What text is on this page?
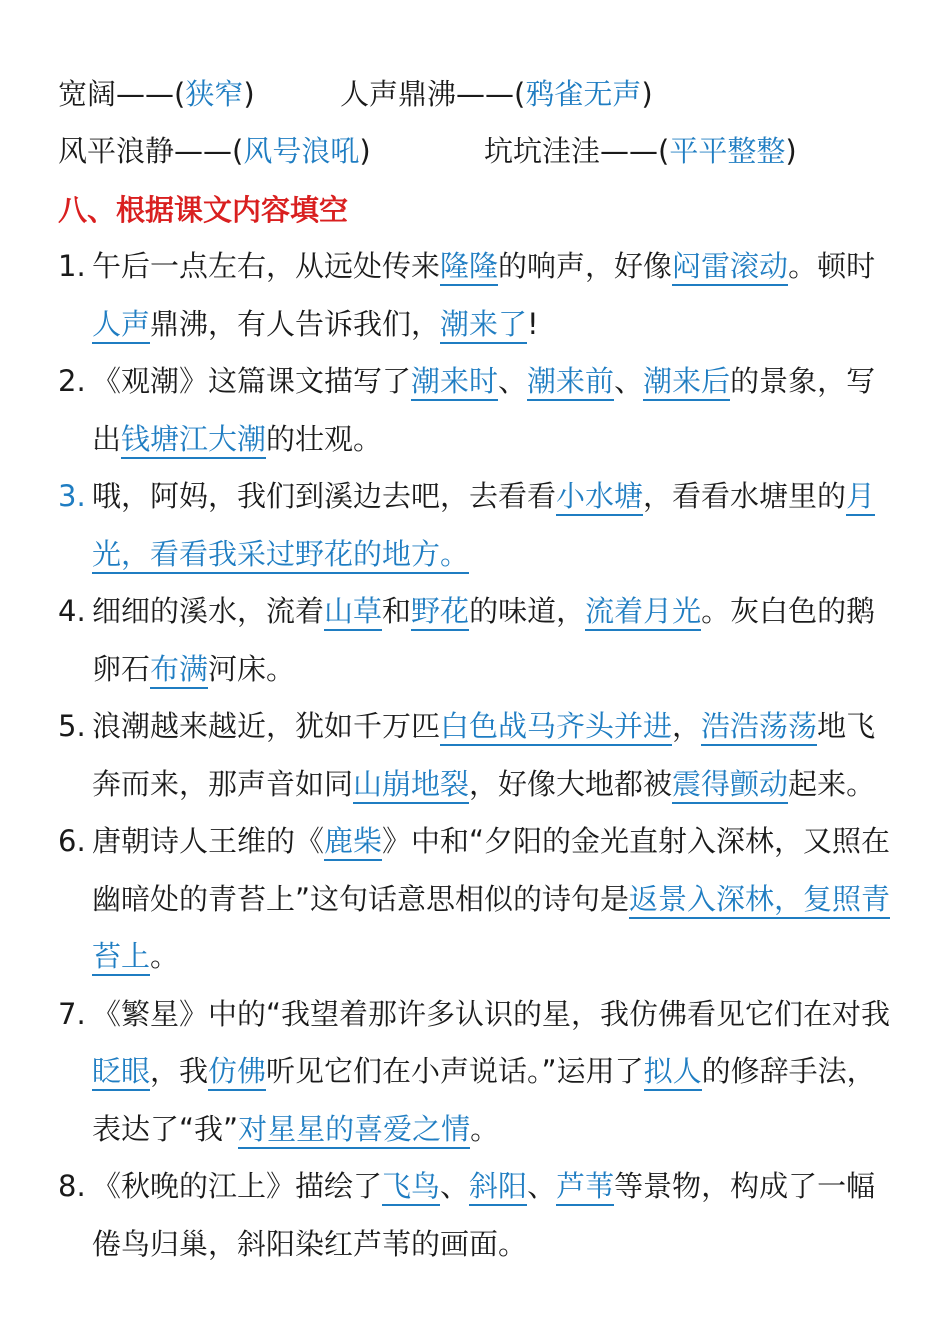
宽阔——(狭窄)	人声鼎沸——(鸦雀无声)
风平浪静——(风号浪吼)	坑坑洼洼——(平平整整)
八、根据课文内容填空
1. 午后一点左右，从远处传来隆隆的响声，好像闷雷滚动。顿时人声鼎沸，有人告诉我们，潮来了!
2. 《观潮》这篇课文描写了潮来时、潮来前、潮来后的景象，写出钱塘江大潮的壮观。
3. 哦，阿妈，我们到溪边去吧，去看看小水塘，看看水塘里的月光，看看我采过野花的地方。
4. 细细的溪水，流着山草和野花的味道，流着月光。灰白色的鹅卵石布满河床。
5. 浪潮越来越近，犹如千万匹白色战马齐头并进，浩浩荡荡地飞奔而来，那声音如同山崩地裂，好像大地都被震得颤动起来。
6. 唐朝诗人王维的《鹿柴》中和“夕阳的金光直射入深林，又照在幽暗处的青苔上”这句话意思相似的诗句是返景入深林，复照青苔上。
7. 《繁星》中的“我望着那许多认识的星，我仿佛看见它们在对我眨眼，我仿佛听见它们在小声说话。”运用了拟人的修辞手法，表达了“我”对星星的喜爱之情。
8. 《秋晚的江上》描绘了飞鸟、斜阳、芦苇等景物，构成了一幅倦鸟归巢，斜阳染红芦苇的画面。
